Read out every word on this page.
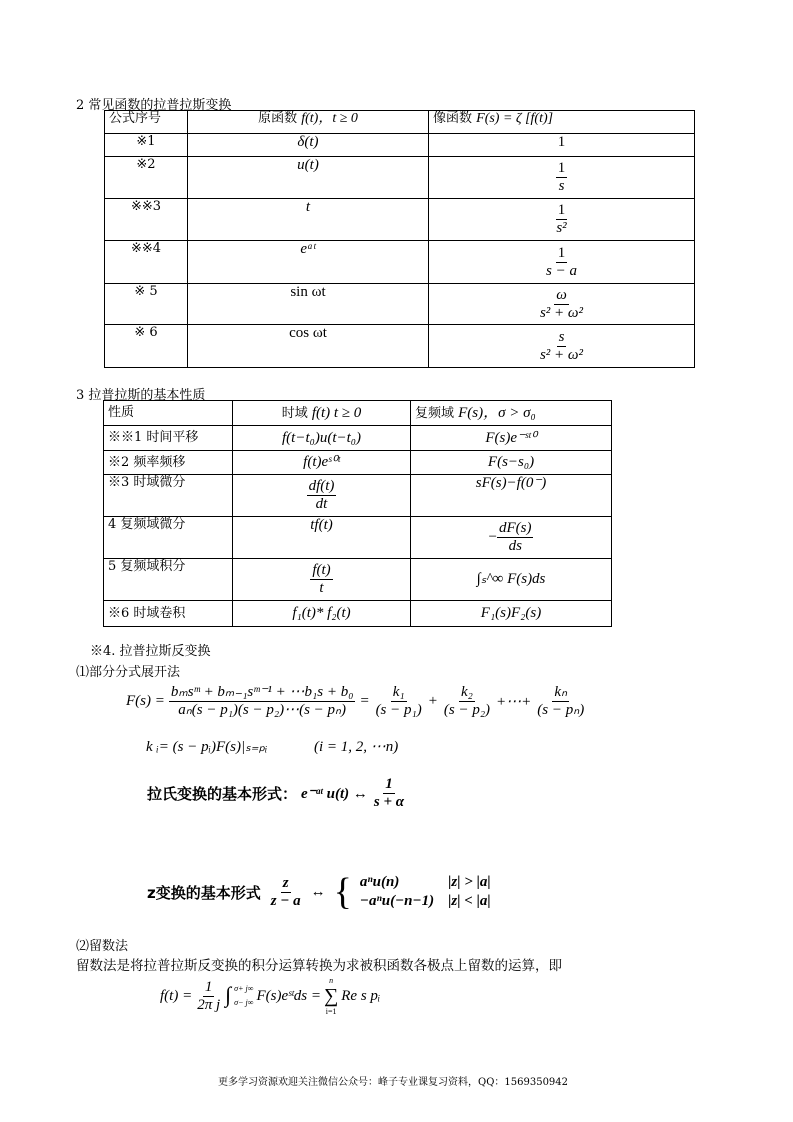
2 常见函数的拉普拉斯变换
公式序号	原函数 f(t)，t ≥ 0	像函数 F(s) = ζ [f(t)]
※1	δ(t)	1
※2	u(t)	$\frac{1}{s}$

※※3	t	$\frac{1}{\text{s²}}$

※※4	eᵃᵗ	$\frac{1}{s - a}$

※ 5	sin ωt	$\frac{\omega}{\text{s² + ω²}}$

※ 6	cos ωt	$\frac{s}{\text{s² + ω²}}$
3 拉普拉斯的基本性质
性质	时域 f(t) t ≥ 0	复频域 F(s)，σ > σ₀
※※1 时间平移	f(t−t₀)u(t−t₀)	F(s)e⁻ˢᵗ⁰
※2 频率频移	f(t)eˢ⁰ᵗ	F(s−s₀)
※3 时域微分	$\frac{df(t)}{dt}$	sF(s)−f(0⁻)
4 复频域微分	tf(t)	− $\frac{dF(s)}{ds}$

5 复频域积分	$\frac{f(t)}{t}$	∫ₛ^∞ F(s)ds
※6 时域卷积	f₁(t)* f₂(t)	F₁(s)F₂(s)
※4. 拉普拉斯反变换
⑴部分分式展开法
$F(s) = \frac{\text{bₘsᵐ + bₘ₋₁sᵐ⁻¹ + ⋯b₁s + b₀}}{\text{aₙ(s − p₁)(s − p₂)⋯(s − pₙ)}} = \frac{\text{k₁}}{\text{(s − p₁)}} + \frac{\text{k₂}}{\text{(s − p₂)}}$ +⋯+ $\frac{\text{kₙ}}{\text{(s − pₙ)}}$
k ᵢ= (s − pᵢ)F(s)|ₛ₌ₚᵢ	(i = 1, 2, ⋯n)
拉氏变换的基本形式： e⁻ᵅᵗ u(t) ↔ $\frac{1}{s + \alpha}$
z变换的基本形式 $\frac{z}{z - a}$ ↔ { aⁿu(n)	|z| > |a|
−aⁿu(−n−1) |z| < |a|
⑵留数法
留数法是将拉普拉斯反变换的积分运算转换为求被积函数各极点上留数的运算，即
$f(t) = \frac{1}{\text{2π j}}$ ∫ σ+ j∞
σ− j∞ F(s)eˢᵗds =
n
∑
i=1
Re s pᵢ
更多学习资源欢迎关注微信公众号：峰子专业课复习资料，QQ：1569350942
